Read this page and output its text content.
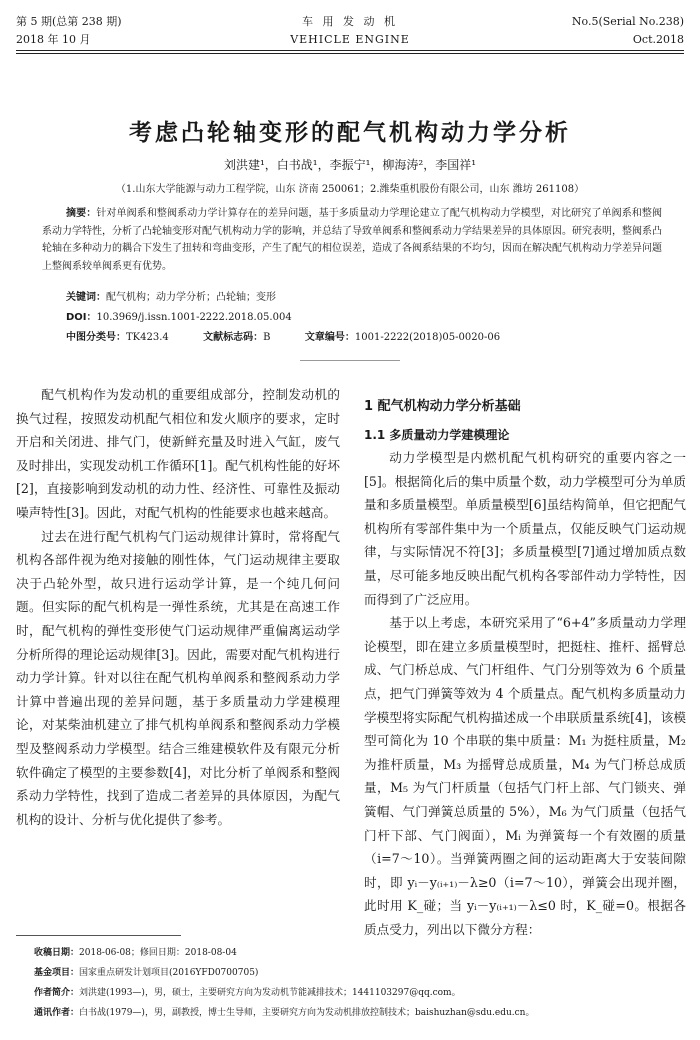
第 5 期(总第 238 期)
2018 年 10 月
车 用 发 动 机
VEHICLE ENGINE
No.5(Serial No.238)
Oct.2018
考虑凸轮轴变形的配气机构动力学分析
刘洪建¹，白书战¹，李振宁¹，柳海涛²，李国祥¹
（1.山东大学能源与动力工程学院，山东 济南 250061；2.潍柴重机股份有限公司，山东 潍坊 261108）
摘要：针对单阀系和整阀系动力学计算存在的差异问题，基于多质量动力学理论建立了配气机构动力学模型，对比研究了单阀系和整阀系动力学特性，分析了凸轮轴变形对配气机构动力学的影响，并总结了导致单阀系和整阀系动力学结果差异的具体原因。研究表明，整阀系凸轮轴在多种动力的耦合下发生了扭转和弯曲变形，产生了配气的相位误差，造成了各阀系结果的不均匀，因而在解决配气机构动力学差异问题上整阀系较单阀系更有优势。
关键词：配气机构；动力学分析；凸轮轴；变形
DOI：10.3969/j.issn.1001-2222.2018.05.004
中图分类号：TK423.4	文献标志码：B	文章编号：1001-2222(2018)05-0020-06

配气机构作为发动机的重要组成部分，控制发动机的换气过程，按照发动机配气相位和发火顺序的要求，定时开启和关闭进、排气门，使新鲜充量及时进入气缸，废气及时排出，实现发动机工作循环[1]。配气机构性能的好坏[2]，直接影响到发动机的动力性、经济性、可靠性及振动噪声特性[3]。因此，对配气机构的性能要求也越来越高。

过去在进行配气机构气门运动规律计算时，常将配气机构各部件视为绝对接触的刚性体，气门运动规律主要取决于凸轮外型，故只进行运动学计算，是一个纯几何问题。但实际的配气机构是一弹性系统，尤其是在高速工作时，配气机构的弹性变形使气门运动规律严重偏离运动学分析所得的理论运动规律[3]。因此，需要对配气机构进行动力学计算。针对以往在配气机构单阀系和整阀系动力学计算中普遍出现的差异问题，基于多质量动力学建模理论，对某柴油机建立了排气机构单阀系和整阀系动力学模型及整阀系动力学模型。结合三维建模软件及有限元分析软件确定了模型的主要参数[4]，对比分析了单阀系和整阀系动力学特性，找到了造成二者差异的具体原因，为配气机构的设计、分析与优化提供了参考。

1 配气机构动力学分析基础
1.1 多质量动力学建模理论

动力学模型是内燃机配气机构研究的重要内容之一[5]。根据简化后的集中质量个数，动力学模型可分为单质量和多质量模型。单质量模型[6]虽结构简单，但它把配气机构所有零部件集中为一个质量点，仅能反映气门运动规律，与实际情况不符[3]；多质量模型[7]通过增加质点数量，尽可能多地反映出配气机构各零部件动力学特性，因而得到了广泛应用。

基于以上考虑，本研究采用了“6+4”多质量动力学理论模型，即在建立多质量模型时，把挺柱、推杆、摇臂总成、气门桥总成、气门杆组件、气门分别等效为 6 个质量点，把气门弹簧等效为 4 个质量点。配气机构多质量动力学模型将实际配气机构描述成一个串联质量系统[4]，该模型可简化为 10 个串联的集中质量：M₁ 为挺柱质量，M₂ 为推杆质量，M₃ 为摇臂总成质量，M₄ 为气门桥总成质量，M₅ 为气门杆质量（包括气门杆上部、气门锁夹、弹簧帽、气门弹簧总质量的 5%），M₆ 为气门质量（包括气门杆下部、气门阀面），Mᵢ 为弹簧每一个有效圈的质量（i=7～10）。当弹簧两圈之间的运动距离大于安装间隙时，即 yᵢ－y₍ᵢ₊₁₎－λ≥0（i=7～10），弹簧会出现并圈，此时用 K_碰；当 yᵢ－y₍ᵢ₊₁₎－λ≤0 时，K_碰=0。根据各质点受力，列出以下微分方程：

收稿日期：2018-06-08；修回日期：2018-08-04
基金项目：国家重点研发计划项目(2016YFD0700705)
作者简介：刘洪建(1993—)，男，硕士，主要研究方向为发动机节能减排技术；1441103297@qq.com。
通讯作者：白书战(1979—)，男，副教授，博士生导师，主要研究方向为发动机排放控制技术；baishuzhan@sdu.edu.cn。
